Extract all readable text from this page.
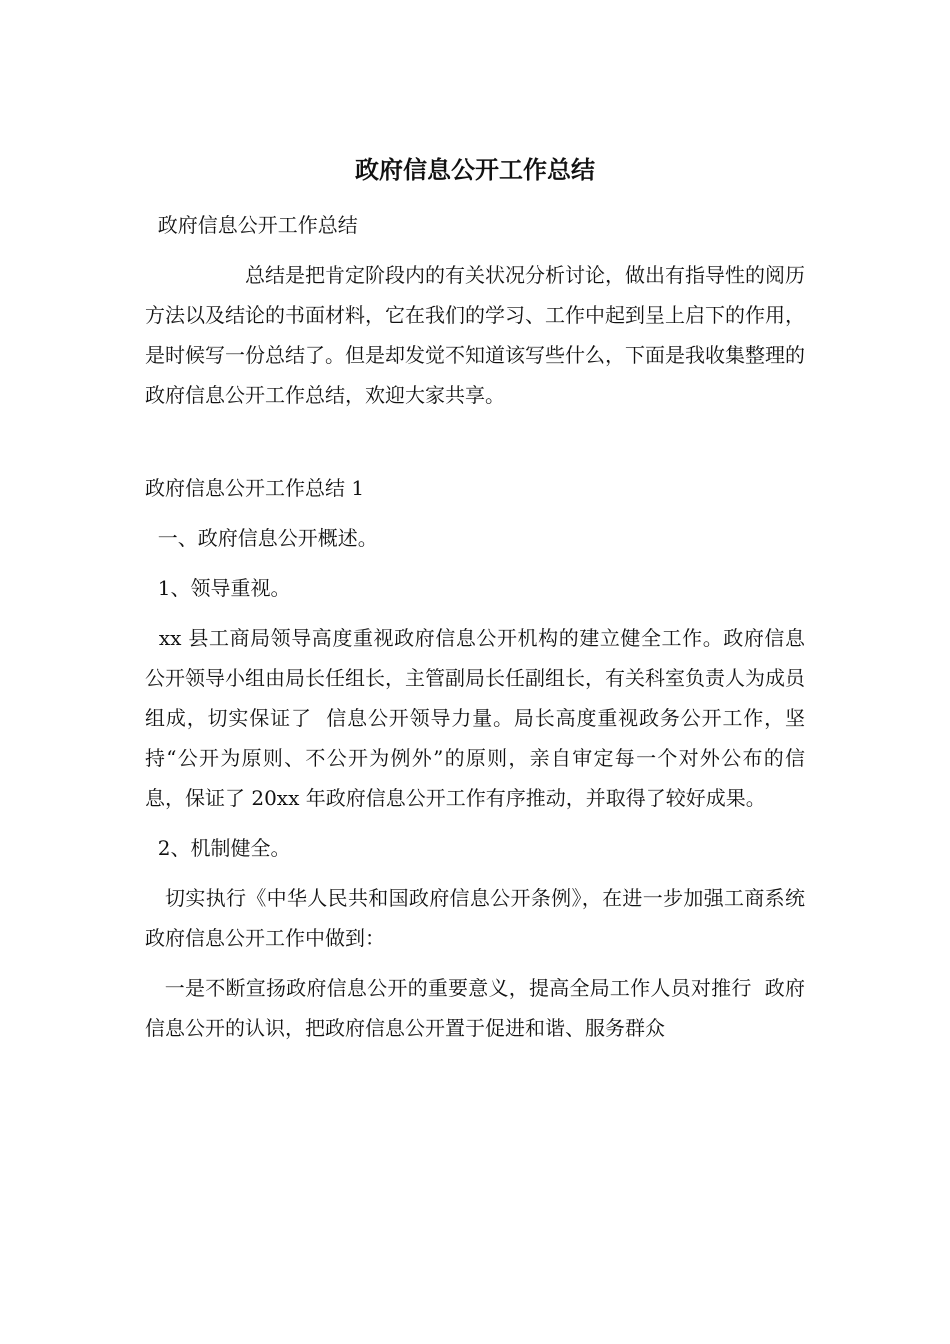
政府信息公开工作总结

政府信息公开工作总结

总结是把肯定阶段内的有关状况分析讨论，做出有指导性的阅历方法以及结论的书面材料，它在我们的学习、工作中起到呈上启下的作用，是时候写一份总结了。但是却发觉不知道该写些什么，下面是我收集整理的政府信息公开工作总结，欢迎大家共享。

政府信息公开工作总结 1

一、政府信息公开概述。

1、领导重视。

xx 县工商局领导高度重视政府信息公开机构的建立健全工作。政府信息公开领导小组由局长任组长，主管副局长任副组长，有关科室负责人为成员组成，切实保证了  信息公开领导力量。局长高度重视政务公开工作，坚持“公开为原则、不公开为例外”的原则，亲自审定每一个对外公布的信息，保证了 20xx 年政府信息公开工作有序推动，并取得了较好成果。

2、机制健全。

切实执行《中华人民共和国政府信息公开条例》，在进一步加强工商系统政府信息公开工作中做到：

一是不断宣扬政府信息公开的重要意义，提高全局工作人员对推行  政府信息公开的认识，把政府信息公开置于促进和谐、服务群众
